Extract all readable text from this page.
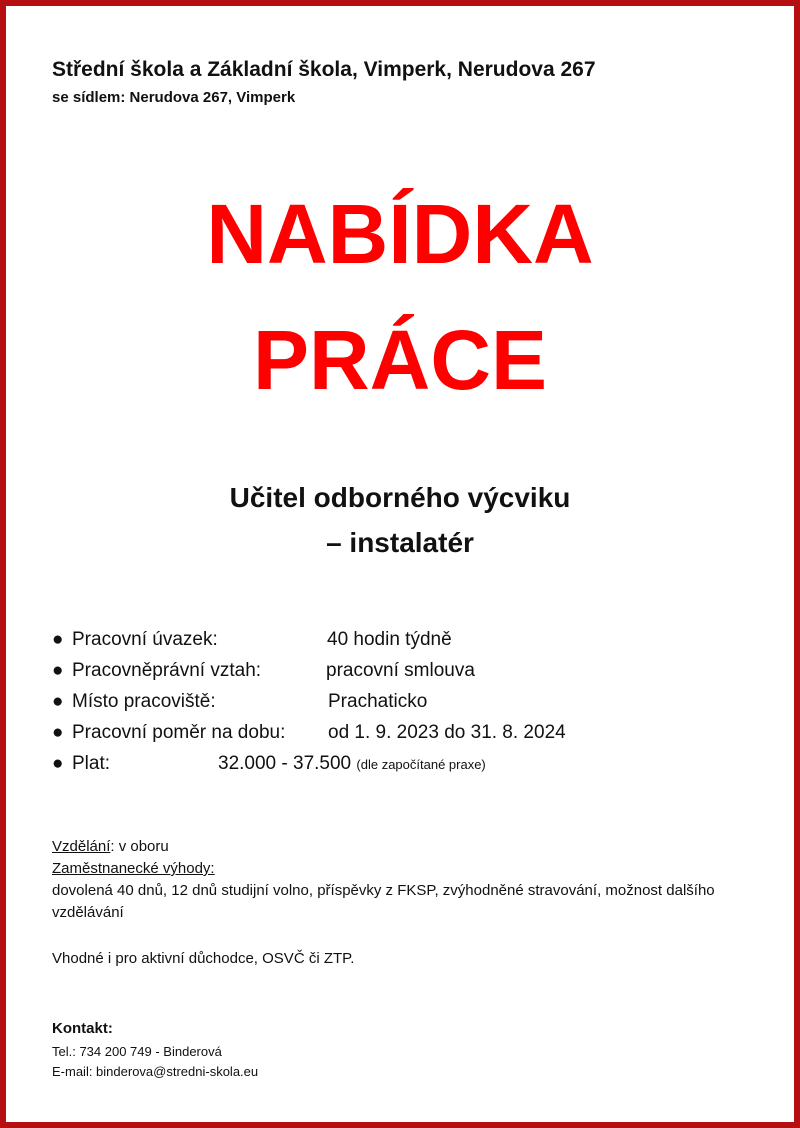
Střední škola a Základní škola, Vimperk, Nerudova 267
se sídlem: Nerudova 267, Vimperk
NABÍDKA
PRÁCE
Učitel odborného výcviku
– instalatér
● Pracovní úvazek:	40 hodin týdně
● Pracovněprávní vztah:	pracovní smlouva
● Místo pracoviště:	Prachaticko
● Pracovní poměr na dobu: od 1. 9. 2023 do 31. 8. 2024
● Plat:	32.000 - 37.500 (dle započítané praxe)
Vzdělání: v oboru
Zaměstnanecké výhody:
dovolená 40 dnů, 12 dnů studijní volno, příspěvky z FKSP, zvýhodněné stravování, možnost dalšího vzdělávání
Vhodné i pro aktivní důchodce, OSVČ či ZTP.
Kontakt:
Tel.: 734 200 749 - Binderová
E-mail: binderova@stredni-skola.eu
